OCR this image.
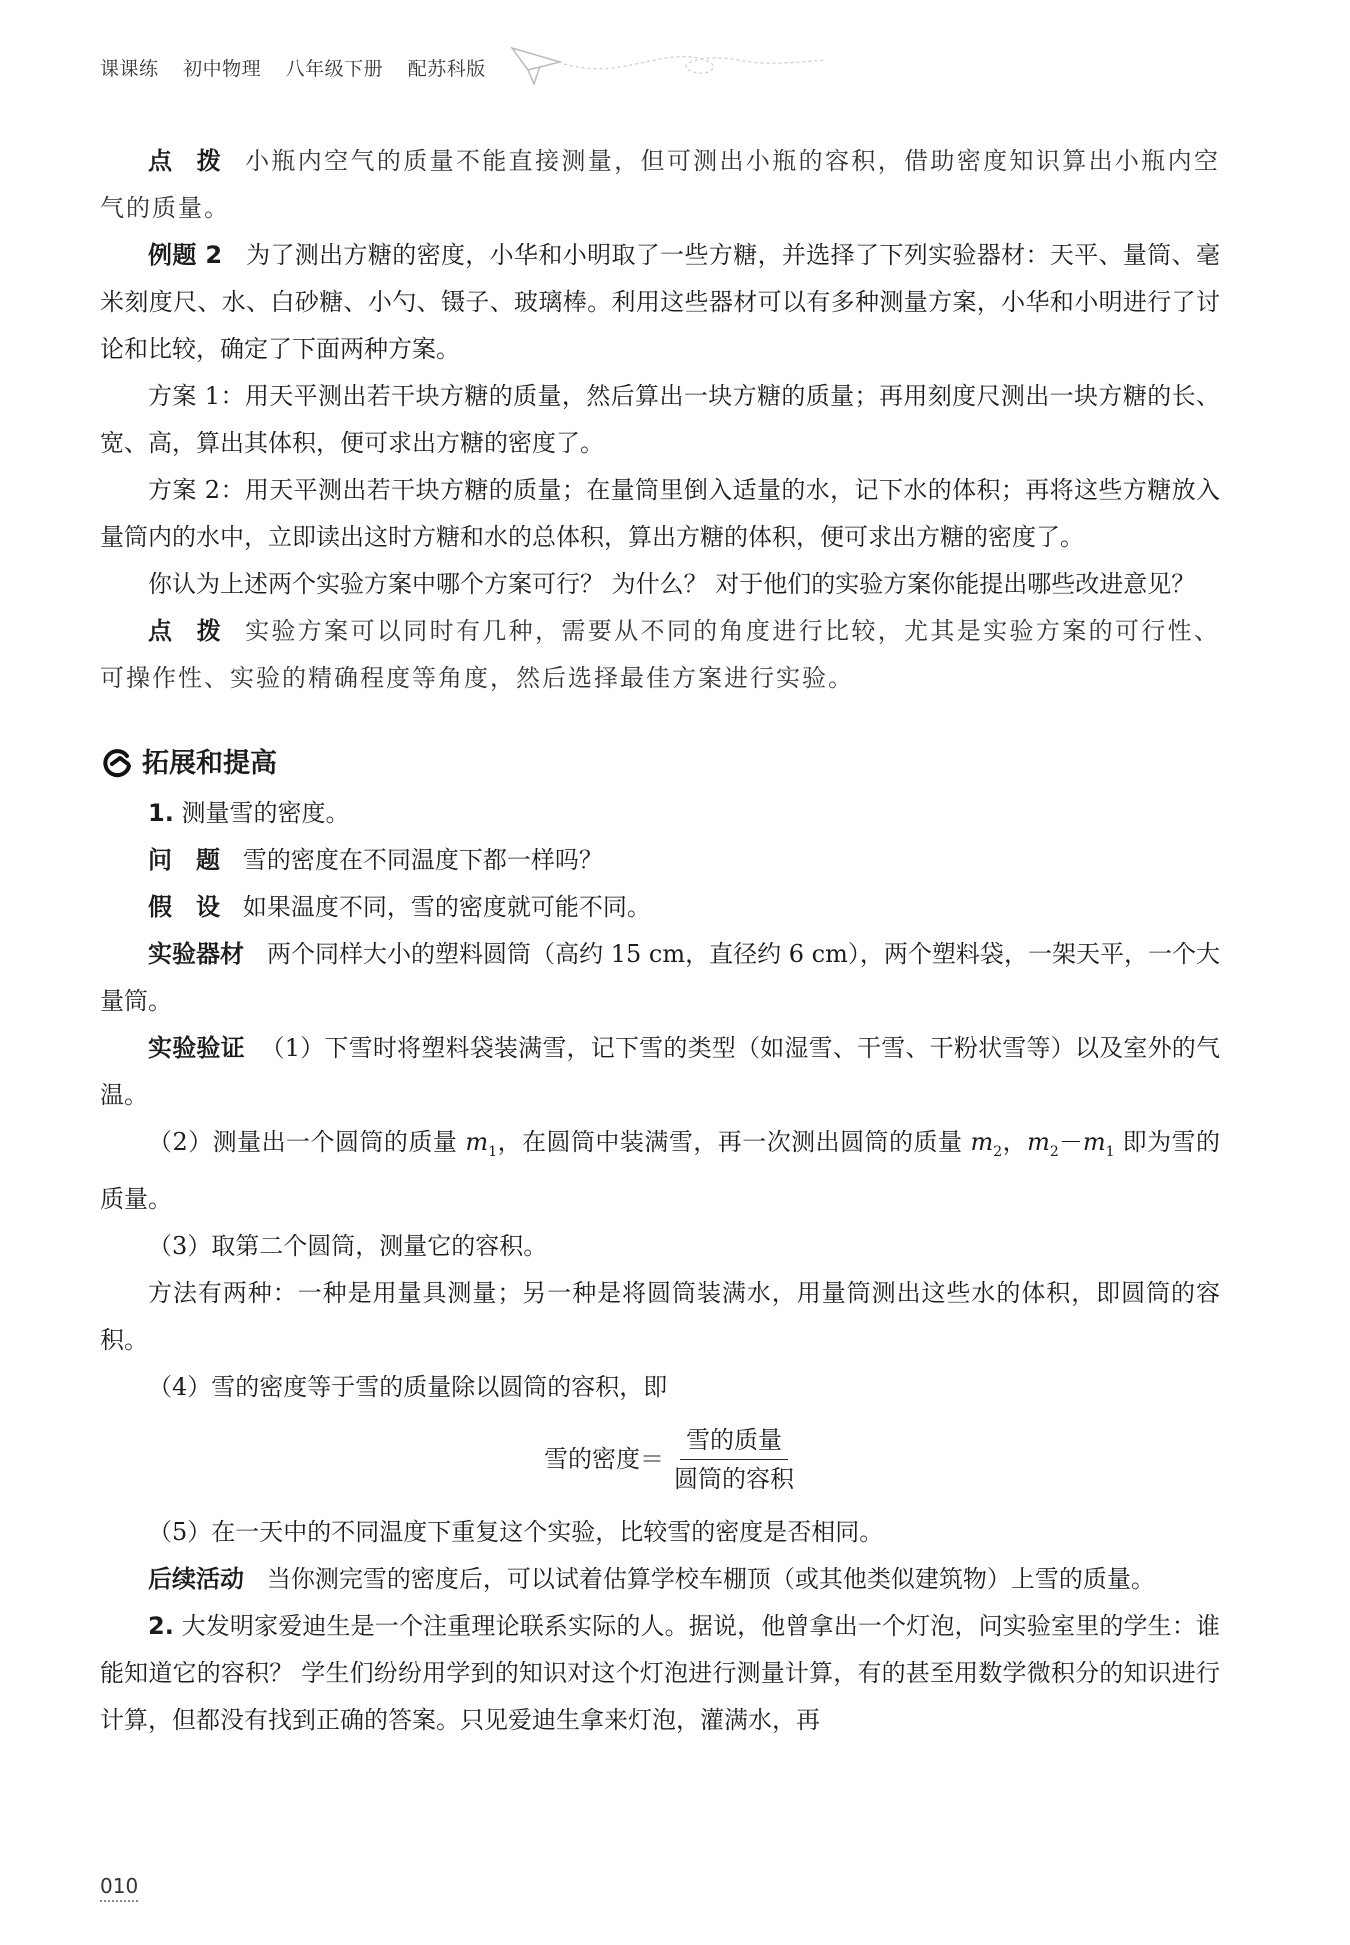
课课练 初中物理 八年级下册 配苏科版

点　拨 小瓶内空气的质量不能直接测量，但可测出小瓶的容积，借助密度知识算出小瓶内空气的质量。

例题 2 为了测出方糖的密度，小华和小明取了一些方糖，并选择了下列实验器材：天平、量筒、毫米刻度尺、水、白砂糖、小勺、镊子、玻璃棒。利用这些器材可以有多种测量方案，小华和小明进行了讨论和比较，确定了下面两种方案。

方案 1：用天平测出若干块方糖的质量，然后算出一块方糖的质量；再用刻度尺测出一块方糖的长、宽、高，算出其体积，便可求出方糖的密度了。

方案 2：用天平测出若干块方糖的质量；在量筒里倒入适量的水，记下水的体积；再将这些方糖放入量筒内的水中，立即读出这时方糖和水的总体积，算出方糖的体积，便可求出方糖的密度了。

你认为上述两个实验方案中哪个方案可行？ 为什么？ 对于他们的实验方案你能提出哪些改进意见？

点　拨 实验方案可以同时有几种，需要从不同的角度进行比较，尤其是实验方案的可行性、可操作性、实验的精确程度等角度，然后选择最佳方案进行实验。

拓展和提高

1. 测量雪的密度。

问　题 雪的密度在不同温度下都一样吗？

假　设 如果温度不同，雪的密度就可能不同。

实验器材 两个同样大小的塑料圆筒（高约 15 cm，直径约 6 cm），两个塑料袋，一架天平，一个大量筒。

实验验证 （1）下雪时将塑料袋装满雪，记下雪的类型（如湿雪、干雪、干粉状雪等）以及室外的气温。

（2）测量出一个圆筒的质量 $m_1$，在圆筒中装满雪，再一次测出圆筒的质量 $m_2$，$m_2-m_1$ 即为雪的质量。

（3）取第二个圆筒，测量它的容积。

方法有两种：一种是用量具测量；另一种是将圆筒装满水，用量筒测出这些水的体积，即圆筒的容积。

（4）雪的密度等于雪的质量除以圆筒的容积，即

雪的密度＝ $\frac{\text{雪的质量}}{\text{圆筒的容积}}$

（5）在一天中的不同温度下重复这个实验，比较雪的密度是否相同。

后续活动 当你测完雪的密度后，可以试着估算学校车棚顶（或其他类似建筑物）上雪的质量。

2. 大发明家爱迪生是一个注重理论联系实际的人。据说，他曾拿出一个灯泡，问实验室里的学生：谁能知道它的容积？ 学生们纷纷用学到的知识对这个灯泡进行测量计算，有的甚至用数学微积分的知识进行计算，但都没有找到正确的答案。只见爱迪生拿来灯泡，灌满水，再

010
